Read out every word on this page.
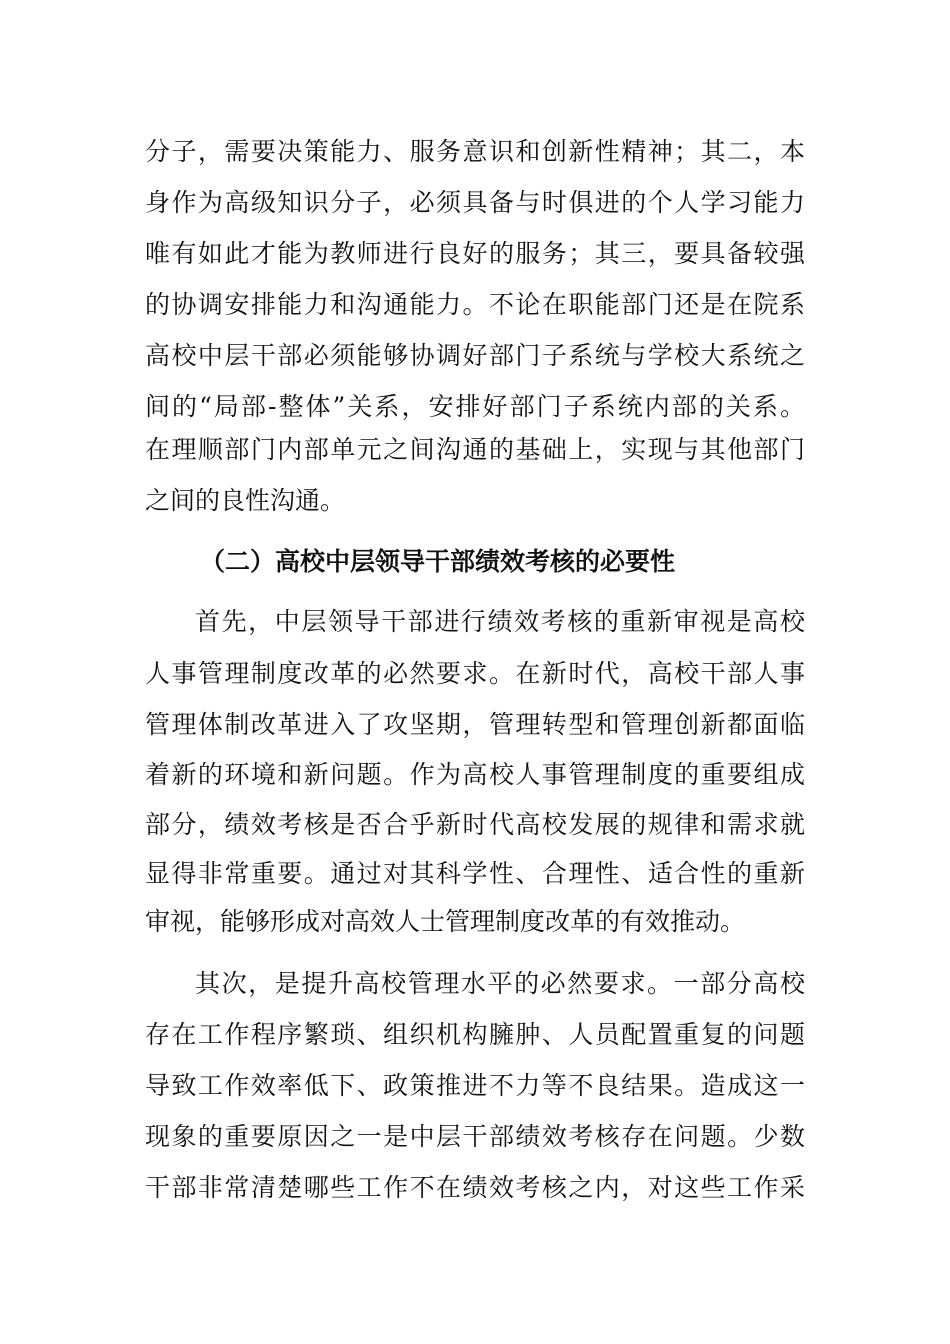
分子，需要决策能力、服务意识和创新性精神；其二，本
身作为高级知识分子，必须具备与时俱进的个人学习能力
唯有如此才能为教师进行良好的服务；其三，要具备较强
的协调安排能力和沟通能力。不论在职能部门还是在院系
高校中层干部必须能够协调好部门子系统与学校大系统之
间的“局部-整体”关系，安排好部门子系统内部的关系。
在理顺部门内部单元之间沟通的基础上，实现与其他部门
之间的良性沟通。
（二）高校中层领导干部绩效考核的必要性
首先，中层领导干部进行绩效考核的重新审视是高校
人事管理制度改革的必然要求。在新时代，高校干部人事
管理体制改革进入了攻坚期，管理转型和管理创新都面临
着新的环境和新问题。作为高校人事管理制度的重要组成
部分，绩效考核是否合乎新时代高校发展的规律和需求就
显得非常重要。通过对其科学性、合理性、适合性的重新
审视，能够形成对高效人士管理制度改革的有效推动。
其次，是提升高校管理水平的必然要求。一部分高校
存在工作程序繁琐、组织机构臃肿、人员配置重复的问题
导致工作效率低下、政策推进不力等不良结果。造成这一
现象的重要原因之一是中层干部绩效考核存在问题。少数
干部非常清楚哪些工作不在绩效考核之内，对这些工作采
